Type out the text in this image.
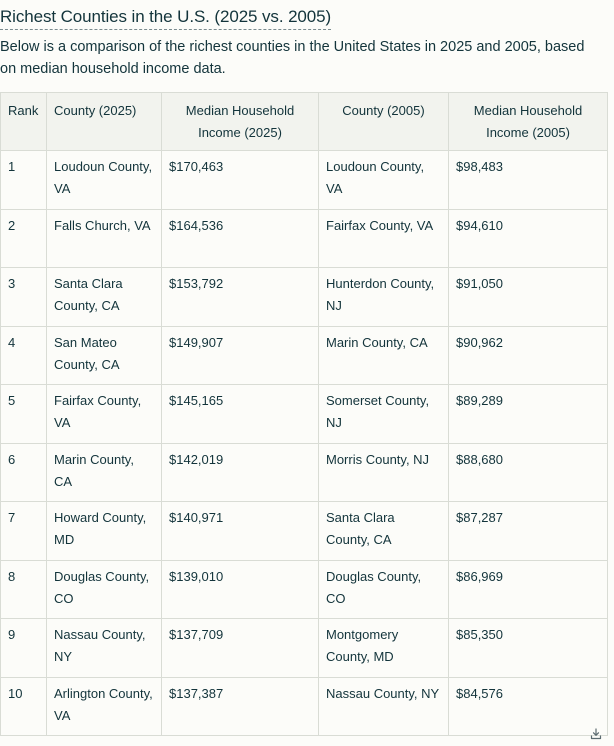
Richest Counties in the U.S. (2025 vs. 2005)
Below is a comparison of the richest counties in the United States in 2025 and 2005, based on median household income data.
Rank	County (2025)	Median Household Income (2025)	County (2005)	Median Household Income (2005)
1	Loudoun County, VA	$170,463	Loudoun County, VA	$98,483
2	Falls Church, VA	$164,536	Fairfax County, VA	$94,610
3	Santa Clara County, CA	$153,792	Hunterdon County, NJ	$91,050
4	San Mateo County, CA	$149,907	Marin County, CA	$90,962
5	Fairfax County, VA	$145,165	Somerset County, NJ	$89,289
6	Marin County, CA	$142,019	Morris County, NJ	$88,680
7	Howard County, MD	$140,971	Santa Clara County, CA	$87,287
8	Douglas County, CO	$139,010	Douglas County, CO	$86,969
9	Nassau County, NY	$137,709	Montgomery County, MD	$85,350
10	Arlington County, VA	$137,387	Nassau County, NY	$84,576
